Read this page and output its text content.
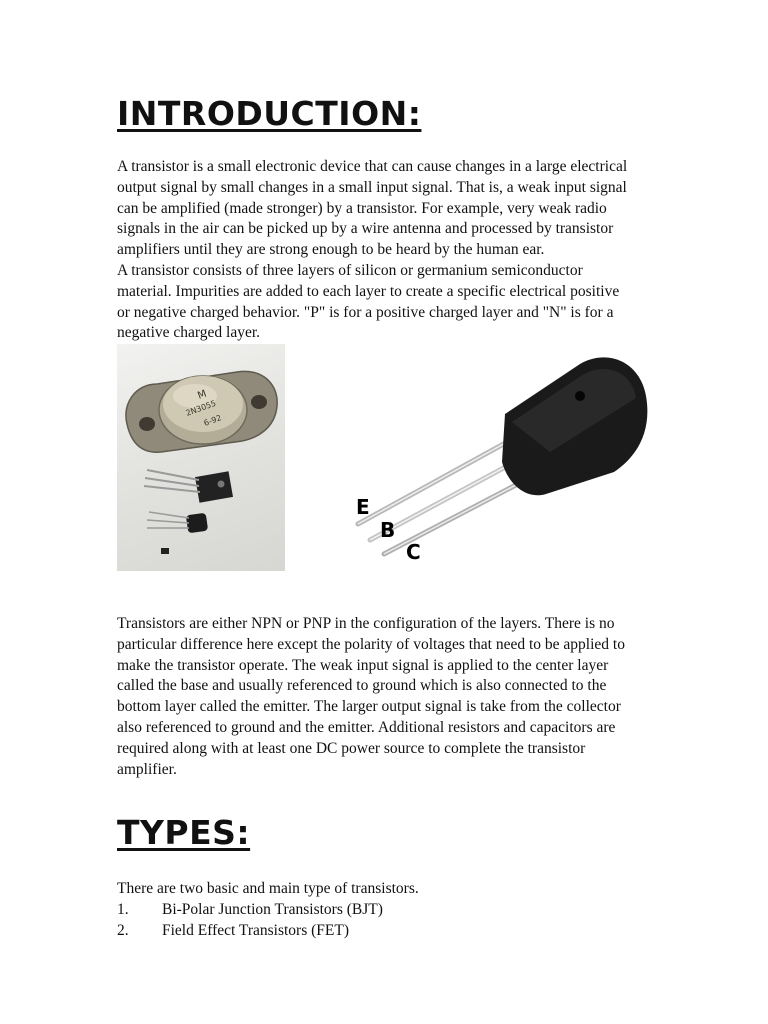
INTRODUCTION:

A transistor is a small electronic device that can cause changes in a large electrical
output signal by small changes in a small input signal. That is, a weak input signal
can be amplified (made stronger) by a transistor. For example, very weak radio
signals in the air can be picked up by a wire antenna and processed by transistor
amplifiers until they are strong enough to be heard by the human ear.

A transistor consists of three layers of silicon or germanium semiconductor
material. Impurities are added to each layer to create a specific electrical positive
or negative charged behavior. "P" is for a positive charged layer and "N" is for a
negative charged layer.

M
2N3055
6-92
E
B
C

Transistors are either NPN or PNP in the configuration of the layers. There is no
particular difference here except the polarity of voltages that need to be applied to
make the transistor operate. The weak input signal is applied to the center layer
called the base and usually referenced to ground which is also connected to the
bottom layer called the emitter. The larger output signal is take from the collector
also referenced to ground and the emitter. Additional resistors and capacitors are
required along with at least one DC power source to complete the transistor
amplifier.

TYPES:

There are two basic and main type of transistors.

1. Bi-Polar Junction Transistors (BJT)
2. Field Effect Transistors (FET)
